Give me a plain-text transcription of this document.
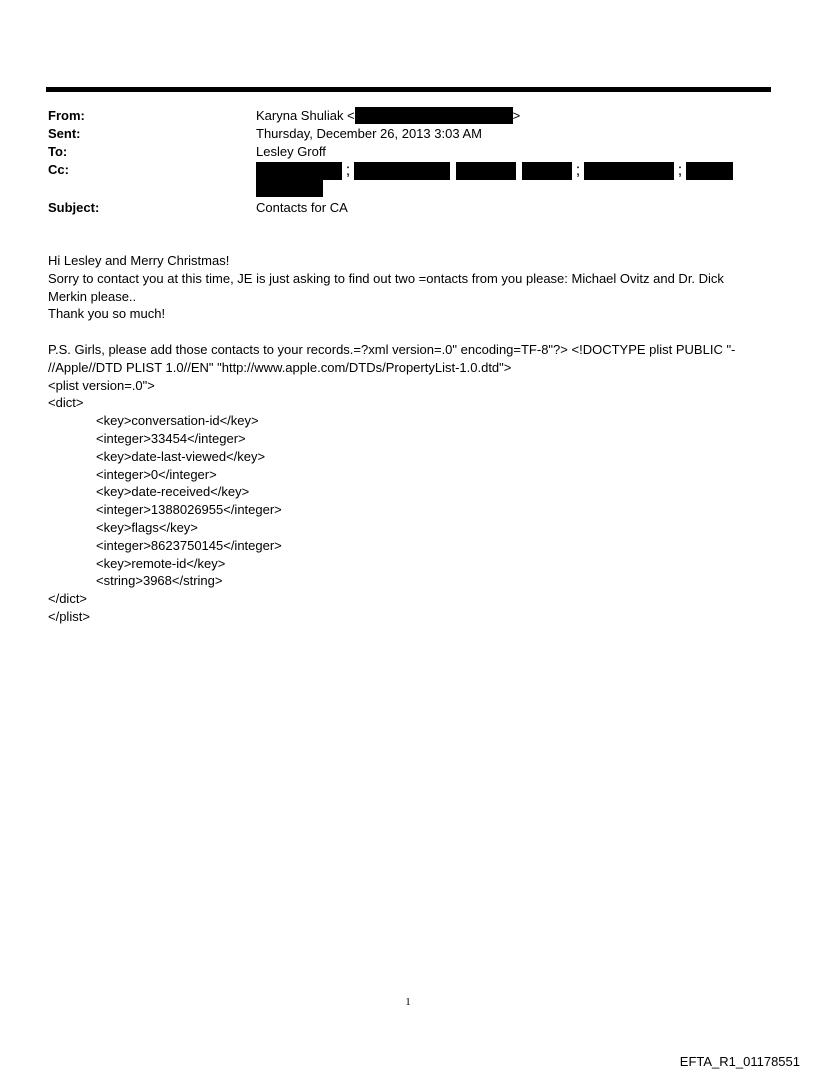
From:	Karyna Shuliak <	>
Sent:	Thursday, December 26, 2013 3:03 AM
To:	Lesley Groff
Cc:	;	;	;
Subject:	Contacts for CA

Hi Lesley and Merry Christmas!

Sorry to contact you at this time, JE is just asking to find out two =ontacts from you please: Michael Ovitz and Dr. Dick

Merkin please..

Thank you so much!

P.S. Girls, please add those contacts to your records.=?xml version=.0" encoding=TF-8"?> <!DOCTYPE plist PUBLIC "-

//Apple//DTD PLIST 1.0//EN" "http://www.apple.com/DTDs/PropertyList-1.0.dtd">

<plist version=.0">

<dict>

<key>conversation-id</key>

<integer>33454</integer>

<key>date-last-viewed</key>

<integer>0</integer>

<key>date-received</key>

<integer>1388026955</integer>

<key>flags</key>

<integer>8623750145</integer>

<key>remote-id</key>

<string>3968</string>

</dict>

</plist>

1
EFTA_R1_01178551
